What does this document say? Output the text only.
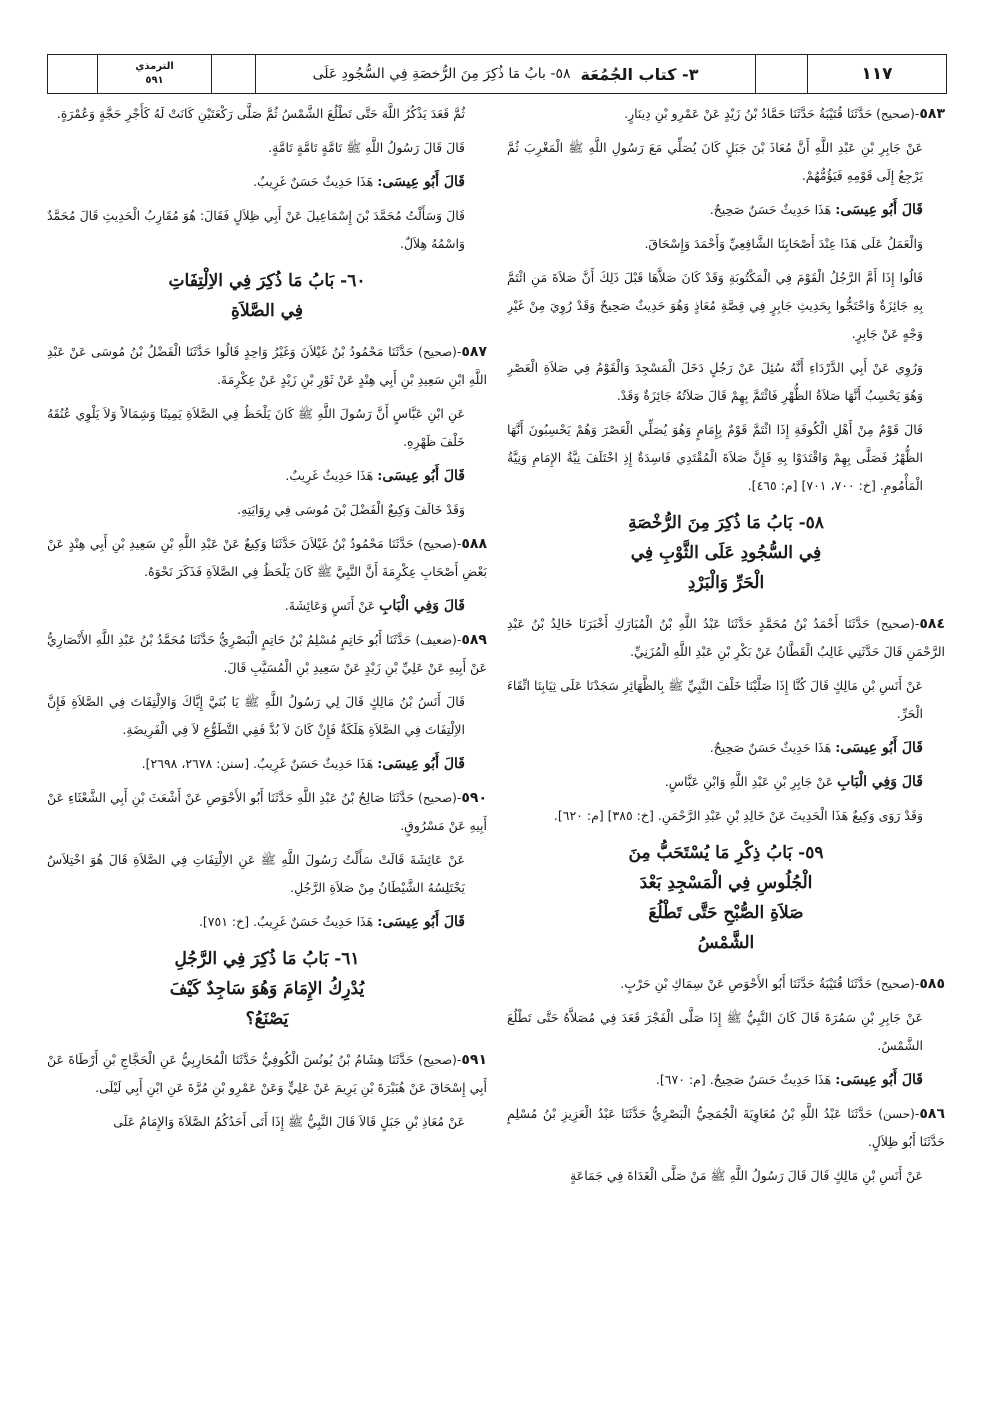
الترمذي
٥٩١	٣- كتاب الجُمُعَة
٥٨- بابُ مَا ذُكِرَ مِنَ الرُّخصَةِ فِي السُّجُودِ عَلَى	١١٧

٥٨٣-(صحيح) حَدَّثَنَا قُتَيْبَةُ حَدَّثَنَا حَمَّادُ بْنُ زَيْدٍ عَنْ عَمْرِو بْنِ دِينَارٍ.

عَنْ جَابِرِ بْنِ عَبْدِ اللَّهِ أَنَّ مُعَاذَ بْنَ جَبَلٍ كَانَ يُصَلِّي مَعَ رَسُولِ اللَّهِ ﷺ الْمَغْرِبَ ثُمَّ يَرْجِعُ إِلَى قَوْمِهِ فَيَؤُمُّهُمْ.

قَالَ أَبُو عِيسَى: هَذَا حَدِيثٌ حَسَنٌ صَحِيحٌ.

وَالْعَمَلُ عَلَى هَذَا عِنْدَ أَصْحَابِنَا الشَّافِعِيِّ وَأَحْمَدَ وَإِسْحَاقَ.

قَالُوا إِذَا أَمَّ الرَّجُلُ الْقَوْمَ فِي الْمَكْتُوبَةِ وَقَدْ كَانَ صَلاَّهَا قَبْلَ ذَلِكَ أَنَّ صَلاَةَ مَنِ ائْتَمَّ بِهِ جَائِزَةٌ وَاحْتَجُّوا بِحَدِيثِ جَابِرٍ فِي قِصَّةِ مُعَاذٍ وَهُوَ حَدِيثٌ صَحِيحٌ وَقَدْ رُوِيَ مِنْ غَيْرِ وَجْهٍ عَنْ جَابِرٍ.

وَرُوِي عَنْ أَبِي الدَّرْدَاءِ أَنَّهُ سُئِلَ عَنْ رَجُلٍ دَخَلَ الْمَسْجِدَ وَالْقَوْمُ فِي صَلاَةِ الْعَصْرِ وَهُوَ يَحْسِبُ أَنَّهَا صَلاَةُ الظُّهْرِ فَائْتَمَّ بِهِمْ قَالَ صَلاَتُهُ جَائِزَةٌ وَقَدْ.

قَالَ قَوْمٌ مِنْ أَهْلِ الْكُوفَةِ إِذَا ائْتَمَّ قَوْمٌ بِإِمَامٍ وَهُوَ يُصَلِّي الْعَصْرَ وَهُمْ يَحْسِبُونَ أَنَّهَا الظُّهْرُ فَصَلَّى بِهِمْ وَاقْتَدَوْا بِهِ فَإِنَّ صَلاَةَ الْمُقْتَدِي فَاسِدَةٌ إِذِ اخْتَلَفَ نِيَّةُ الإِمَامِ وَنِيَّةُ الْمَأْمُومِ. [خ: ٧٠٠، ٧٠١] [م: ٤٦٥].

٥٨- بَابُ مَا ذُكِرَ مِنَ الرُّخْصَةِ
فِي السُّجُودِ عَلَى الثَّوْبِ فِي
الْحَرِّ وَالْبَرْدِ

٥٨٤-(صحيح) حَدَّثَنَا أَحْمَدُ بْنُ مُحَمَّدٍ حَدَّثَنَا عَبْدُ اللَّهِ بْنُ الْمُبَارَكِ أَخْبَرَنَا خَالِدُ بْنُ عَبْدِ الرَّحْمَنِ قَالَ حَدَّثَنِي غَالِبٌ الْقَطَّانُ عَنْ بَكْرِ بْنِ عَبْدِ اللَّهِ الْمُزَنِيِّ.

عَنْ أَنَسِ بْنِ مَالِكٍ قَالَ كُنَّا إِذَا صَلَّيْنَا خَلْفَ النَّبِيِّ ﷺ بِالظَّهَائِرِ سَجَدْنَا عَلَى ثِيَابِنَا اتِّقَاءَ الْحَرِّ.

قَالَ أَبُو عِيسَى: هَذَا حَدِيثٌ حَسَنٌ صَحِيحٌ.

قَالَ وَفِي الْبَابِ عَنْ جَابِرِ بْنِ عَبْدِ اللَّهِ وَابْنِ عَبَّاسٍ.

وَقَدْ رَوَى وَكِيعٌ هَذَا الْحَدِيثَ عَنْ خَالِدِ بْنِ عَبْدِ الرَّحْمَنِ. [خ: ٣٨٥] [م: ٦٢٠].

٥٩- بَابُ ذِكْرِ مَا يُسْتَحَبُّ مِنَ
الْجُلُوسِ فِي الْمَسْجِدِ بَعْدَ
صَلاَةِ الصُّبْحِ حَتَّى تَطْلُعَ
الشَّمْسُ

٥٨٥-(صحيح) حَدَّثَنَا قُتَيْبَةُ حَدَّثَنَا أَبُو الأَحْوَصِ عَنْ سِمَاكِ بْنِ حَرْبٍ.

عَنْ جَابِرِ بْنِ سَمُرَةَ قَالَ كَانَ النَّبِيُّ ﷺ إِذَا صَلَّى الْفَجْرَ قَعَدَ فِي مُصَلاَّهُ حَتَّى تَطْلُعَ الشَّمْسُ.

قَالَ أَبُو عِيسَى: هَذَا حَدِيثٌ حَسَنٌ صَحِيحٌ. [م: ٦٧٠].

٥٨٦-(حسن) حَدَّثَنَا عَبْدُ اللَّهِ بْنُ مُعَاوِيَةَ الْجُمَحِيُّ الْبَصْرِيُّ حَدَّثَنَا عَبْدُ الْعَزِيزِ بْنُ مُسْلِمٍ حَدَّثَنَا أَبُو ظِلاَلٍ.

عَنْ أَنَسِ بْنِ مَالِكٍ قَالَ قَالَ رَسُولُ اللَّهِ ﷺ مَنْ صَلَّى الْغَدَاةَ فِي جَمَاعَةٍ

ثُمَّ قَعَدَ يَذْكُرُ اللَّهَ حَتَّى تَطْلُعَ الشَّمْسُ ثُمَّ صَلَّى رَكْعَتَيْنِ كَانَتْ لَهُ كَأَجْرِ حَجَّةٍ وَعُمْرَةٍ.

قَالَ قَالَ رَسُولُ اللَّهِ ﷺ تَامَّةٍ تَامَّةٍ تَامَّةٍ.

قَالَ أَبُو عِيسَى: هَذَا حَدِيثٌ حَسَنٌ غَرِيبٌ.

قَالَ وَسَأَلْتُ مُحَمَّدَ بْنَ إِسْمَاعِيلَ عَنْ أَبِي ظِلاَلٍ فَقَالَ: هُوَ مُقَارِبُ الْحَدِيثِ قَالَ مُحَمَّدٌ وَاسْمُهُ هِلاَلٌ.

٦٠- بَابُ مَا ذُكِرَ فِي الاِلْتِفَاتِ
فِي الصَّلاَةِ

٥٨٧-(صحيح) حَدَّثَنَا مَحْمُودُ بْنُ غَيْلاَنَ وَغَيْرُ وَاحِدٍ قَالُوا حَدَّثَنَا الْفَضْلُ بْنُ مُوسَى عَنْ عَبْدِ اللَّهِ ابْنِ سَعِيدِ بْنِ أَبِي هِنْدٍ عَنْ ثَوْرِ بْنِ زَيْدٍ عَنْ عِكْرِمَةَ.

عَنِ ابْنِ عَبَّاسٍ أَنَّ رَسُولَ اللَّهِ ﷺ كَانَ يَلْحَظُ فِي الصَّلاَةِ يَمِينًا وَشِمَالاً وَلاَ يَلْوِي عُنُقَهُ خَلْفَ ظَهْرِهِ.

قَالَ أَبُو عِيسَى: هَذَا حَدِيثٌ غَرِيبٌ.

وَقَدْ خَالَفَ وَكِيعٌ الْفَضْلَ بْنَ مُوسَى فِي رِوَايَتِهِ.

٥٨٨-(صحيح) حَدَّثَنَا مَحْمُودُ بْنُ غَيْلاَنَ حَدَّثَنَا وَكِيعٌ عَنْ عَبْدِ اللَّهِ بْنِ سَعِيدِ بْنِ أَبِي هِنْدٍ عَنْ بَعْضِ أَصْحَابِ عِكْرِمَةَ أَنَّ النَّبِيَّ ﷺ كَانَ يَلْحَظُ فِي الصَّلاَةِ فَذَكَرَ نَحْوَهُ.

قَالَ وَفِي الْبَابِ عَنْ أَنَسٍ وَعَائِشَةَ.

٥٨٩-(ضعيف) حَدَّثَنَا أَبُو حَاتِمٍ مُسْلِمُ بْنُ حَاتِمٍ الْبَصْرِيُّ حَدَّثَنَا مُحَمَّدُ بْنُ عَبْدِ اللَّهِ الأَنْصَارِيُّ عَنْ أَبِيهِ عَنْ عَلِيِّ بْنِ زَيْدٍ عَنْ سَعِيدِ بْنِ الْمُسَيَّبِ قَالَ.

قَالَ أَنَسُ بْنُ مَالِكٍ قَالَ لِي رَسُولُ اللَّهِ ﷺ يَا بُنَيَّ إِيَّاكَ وَالاِلْتِفَاتَ فِي الصَّلاَةِ فَإِنَّ الاِلْتِفَاتَ فِي الصَّلاَةِ هَلَكَةٌ فَإِنْ كَانَ لاَ بُدَّ فَفِي التَّطَوُّعِ لاَ فِي الْفَرِيضَةِ.

قَالَ أَبُو عِيسَى: هَذَا حَدِيثٌ حَسَنٌ غَرِيبٌ. [سنن: ٢٦٧٨، ٢٦٩٨].

٥٩٠-(صحيح) حَدَّثَنَا صَالِحُ بْنُ عَبْدِ اللَّهِ حَدَّثَنَا أَبُو الأَحْوَصِ عَنْ أَشْعَثَ بْنِ أَبِي الشَّعْثَاءِ عَنْ أَبِيهِ عَنْ مَسْرُوقٍ.

عَنْ عَائِشَةَ قَالَتْ سَأَلْتُ رَسُولَ اللَّهِ ﷺ عَنِ الاِلْتِفَاتِ فِي الصَّلاَةِ قَالَ هُوَ اخْتِلاَسٌ يَخْتَلِسُهُ الشَّيْطَانُ مِنْ صَلاَةِ الرَّجُلِ.

قَالَ أَبُو عِيسَى: هَذَا حَدِيثٌ حَسَنٌ غَرِيبٌ. [خ: ٧٥١].

٦١- بَابُ مَا ذُكِرَ فِي الرَّجُلِ
يُدْرِكُ الإِمَامَ وَهُوَ سَاجِدٌ كَيْفَ
يَصْنَعُ؟

٥٩١-(صحيح) حَدَّثَنَا هِشَامُ بْنُ يُونُسَ الْكُوفِيُّ حَدَّثَنَا الْمُحَارِبِيُّ عَنِ الْحَجَّاجِ بْنِ أَرْطَاةَ عَنْ أَبِي إِسْحَاقَ عَنْ هُبَيْرَةَ بْنِ يَرِيمَ عَنْ عَلِيٍّ وَعَنْ عَمْرِو بْنِ مُرَّةَ عَنِ ابْنِ أَبِي لَيْلَى.

عَنْ مُعَاذِ بْنِ جَبَلٍ قَالاَ قَالَ النَّبِيُّ ﷺ إِذَا أَتَى أَحَدُكُمُ الصَّلاَةَ وَالإِمَامُ عَلَى
